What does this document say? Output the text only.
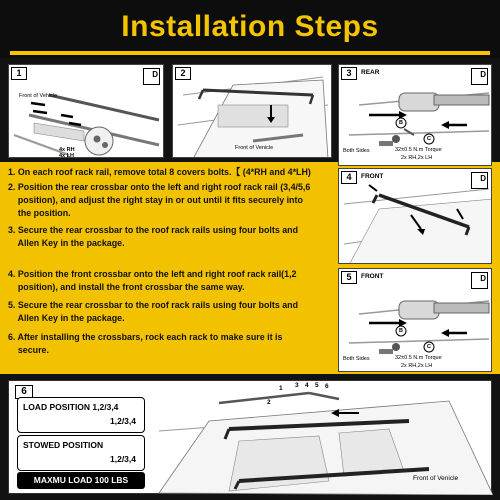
Installation Steps
1	D
Front of Vehicle
4x RH
4x LH
2
Front of Venicle
3	REAR	D
B
C
Both Sides	32±0.5 N.m Torque
2x RH,2x LH
4	FRONT	D
5	FRONT	D
B
C
Both Sides	32±0.5 N.m Torque
2x RH,2x LH
1. On each roof rack rail, remove total 8 covers bolts.【 (4*RH and 4*LH)
2. Position the rear crossbar onto the left and right roof rack rail (3,4/5,6
position), and adjust the right stay in or out until it fits securely into
the position.
3. Secure the rear crossbar to the roof rack rails using four bolts and
Allen Key in the package.
4. Position the front crossbar onto the left and right roof rack rail(1,2
position), and install the front crossbar the same way.
5. Secure the rear crossbar to the roof rack rails using four bolts and
Allen Key in the package.
6. After installing the crossbars, rock each rack to make sure it is
secure.
6
LOAD POSITION 1,2/3,4
1,2/3,4
STOWED POSITION
1,2/3,4
MAXMU LOAD 100 LBS
1
2
3 4 5 6
Front of Venicle
